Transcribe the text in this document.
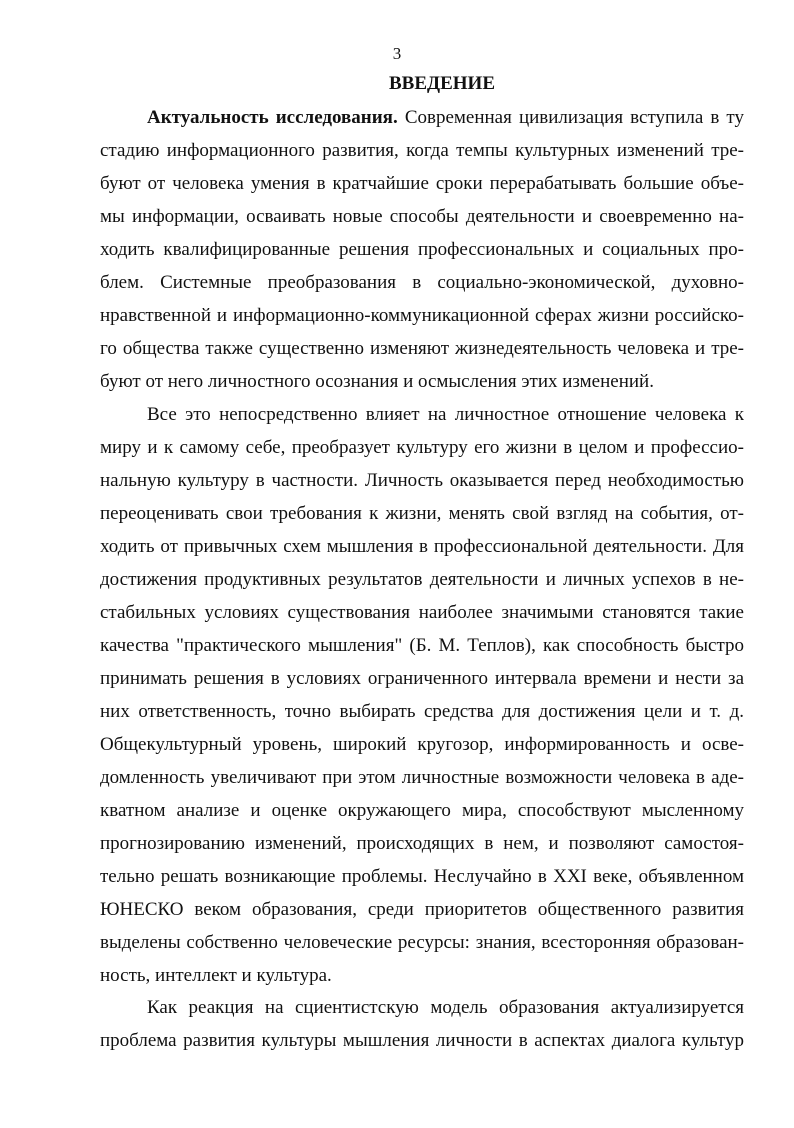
3
ВВЕДЕНИЕ
Актуальность исследования. Современная цивилизация вступила в ту
стадию информационного развития, когда темпы культурных изменений тре-
буют от человека умения в кратчайшие сроки перерабатывать большие объе-
мы информации, осваивать новые способы деятельности и своевременно на-
ходить квалифицированные решения профессиональных и социальных про-
блем. Системные преобразования в социально-экономической, духовно-
нравственной и информационно-коммуникационной сферах жизни российско-
го общества также существенно изменяют жизнедеятельность человека и тре-
буют от него личностного осознания и осмысления этих изменений.
Все это непосредственно влияет на личностное отношение человека к
миру и к самому себе, преобразует культуру его жизни в целом и профессио-
нальную культуру в частности. Личность оказывается перед необходимостью
переоценивать свои требования к жизни, менять свой взгляд на события, от-
ходить от привычных схем мышления в профессиональной деятельности. Для
достижения продуктивных результатов деятельности и личных успехов в не-
стабильных условиях существования наиболее значимыми становятся такие
качества "практического мышления" (Б. М. Теплов), как способность быстро
принимать решения в условиях ограниченного интервала времени и нести за
них ответственность, точно выбирать средства для достижения цели и т. д.
Общекультурный уровень, широкий кругозор, информированность и осве-
домленность увеличивают при этом личностные возможности человека в аде-
кватном анализе и оценке окружающего мира, способствуют мысленному
прогнозированию изменений, происходящих в нем, и позволяют самостоя-
тельно решать возникающие проблемы. Неслучайно в XXI веке, объявленном
ЮНЕСКО веком образования, среди приоритетов общественного развития
выделены собственно человеческие ресурсы: знания, всесторонняя образован-
ность, интеллект и культура.
Как реакция на сциентистскую модель образования актуализируется
проблема развития культуры мышления личности в аспектах диалога культур
